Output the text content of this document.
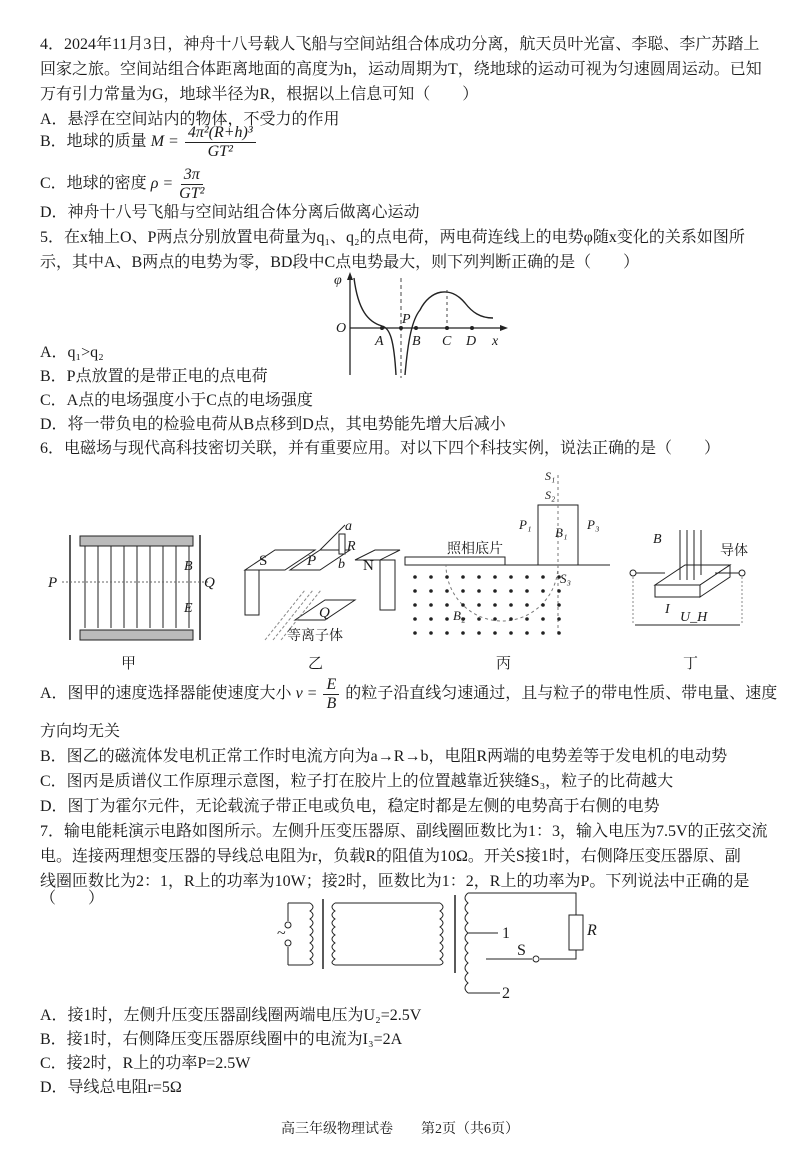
4．2024年11月3日，神舟十八号载人飞船与空间站组合体成功分离，航天员叶光富、李聪、李广苏踏上
回家之旅。空间站组合体距离地面的高度为h，运动周期为T，绕地球的运动可视为匀速圆周运动。已知
万有引力常量为G，地球半径为R，根据以上信息可知（　　）
A．悬浮在空间站内的物体，不受力的作用
B．地球的质量 $M = \frac{\text{4π²(R+h)³}}{\text{GT²}}$
C．地球的密度 $\rho = \frac{3\pi}{\text{GT²}}$
D．神舟十八号飞船与空间站组合体分离后做离心运动
5．在x轴上O、P两点分别放置电荷量为q₁、q₂的点电荷，两电荷连线上的电势φ随x变化的关系如图所
示，其中A、B两点的电势为零，BD段中C点电势最大，则下列判断正确的是（　　）
φ
O
P
A B C D x
A．q₁>q₂
B．P点放置的是带正电的点电荷
C．A点的电场强度小于C点的电场强度
D．将一带负电的检验电荷从B点移到D点，其电势能先增大后减小
6．电磁场与现代高科技密切关联，并有重要应用。对以下四个科技实例，说法正确的是（　　）
P	Q
B
E
甲
S	P
Q
N
a
R
b
等离子体
乙
S₁
S₂
P₁	P₃
B₁
S₃
B₂
照相底片
丙
B
导体
I
U_H
丁
A．图甲的速度选择器能使速度大小 $v = \frac{E}{B}$ 的粒子沿直线匀速通过，且与粒子的带电性质、带电量、速度
方向均无关
B．图乙的磁流体发电机正常工作时电流方向为a→R→b，电阻R两端的电势差等于发电机的电动势
C．图丙是质谱仪工作原理示意图，粒子打在胶片上的位置越靠近狭缝S₃，粒子的比荷越大
D．图丁为霍尔元件，无论载流子带正电或负电，稳定时都是左侧的电势高于右侧的电势
7．输电能耗演示电路如图所示。左侧升压变压器原、副线圈匝数比为1：3，输入电压为7.5V的正弦交流
电。连接两理想变压器的导线总电阻为r，负载R的阻值为10Ω。开关S接1时，右侧降压变压器原、副
线圈匝数比为2：1，R上的功率为10W；接2时，匝数比为1：2，R上的功率为P。下列说法中正确的是
（　　）
~	1
2
S
R
A．接1时，左侧升压变压器副线圈两端电压为U₂=2.5V
B．接1时，右侧降压变压器原线圈中的电流为I₃=2A
C．接2时，R上的功率P=2.5W
D．导线总电阻r=5Ω
高三年级物理试卷　　第2页（共6页）
